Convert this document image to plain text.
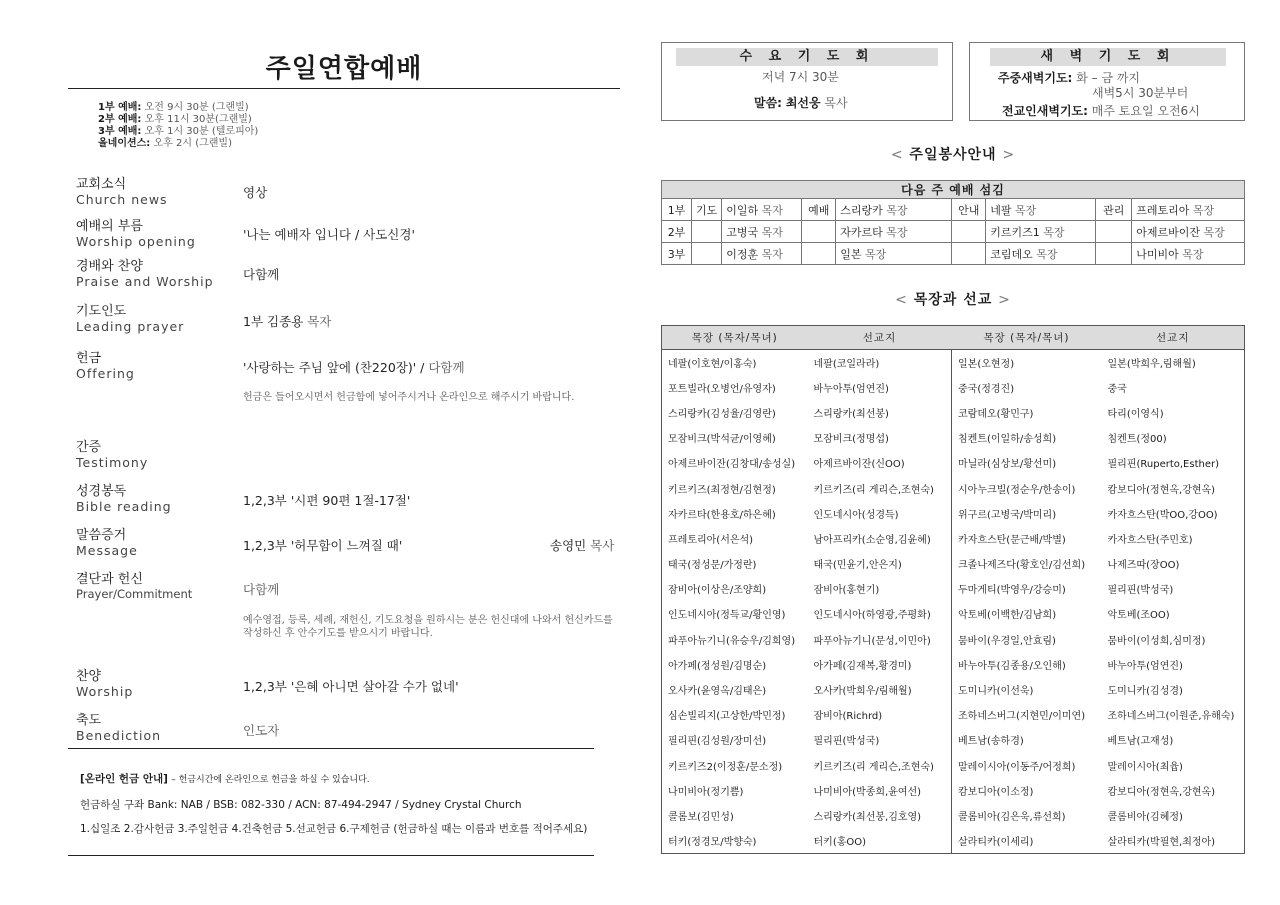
주일연합예배
1부 예배: 오전 9시 30분 (그랜빌)
2부 예배: 오후 11시 30분(그랜빌)
3부 예배: 오후 1시 30분 (텔로피아)
올네이션스: 오후 2시 (그랜빌)
교회소식
Church news	영상
예배의 부름
Worship opening	'나는 예배자 입니다 / 사도신경'
경배와 찬양
Praise and Worship 다함께
기도인도
Leading prayer	1부 김종용 목자
헌금
Offering	'사랑하는 주님 앞에 (찬220장)' / 다함께
헌금은 들어오시면서 헌금함에 넣어주시거나 온라인으로 해주시기 바랍니다.
간증
Testimony
성경봉독
Bible reading	1,2,3부 '시편 90편 1절-17절'
말씀증거
Message	1,2,3부 '허무함이 느껴질 때'	송영민 목사
결단과 헌신
Prayer/Commitment	다함께
예수영접, 등록, 세례, 재헌신, 기도요청을 원하시는 분은 헌신대에 나와서 헌신카드를 작성하신 후 안수기도를 받으시기 바랍니다.
찬양
Worship	1,2,3부 '은혜 아니면 살아갈 수가 없네'
축도
Benediction	인도자
[온라인 헌금 안내] – 헌금시간에 온라인으로 헌금을 하실 수 있습니다.
헌금하실 구좌 Bank: NAB / BSB: 082-330 / ACN: 87-494-2947 / Sydney Crystal Church
1.십일조 2.감사헌금 3.주일헌금 4.건축헌금 5.선교헌금 6.구제헌금 (헌금하실 때는 이름과 번호를 적어주세요)
수 요 기 도 회
저녁 7시 30분
말씀: 최선웅 목사
새 벽 기 도 회
주중새벽기도: 화 – 금 까지
새벽5시 30분부터
전교인새벽기도: 매주 토요일 오전6시
< 주일봉사안내 >
다음 주 예배 섬김								
1부	기도	이일하 목자	예배	스리랑카 목장	안내	네팔 목장	관리	프레토리아 목장
2부		고병국 목자		자카르타 목장		키르키즈1 목장		아제르바이잔 목장
3부		이정훈 목자		일본 목장		코림데오 목장		나미비아 목장
< 목장과 선교 >
목장 (목자/목녀)	선교지	목장 (목자/목녀)	선교지
네팔(이호현/이홍숙)	네팔(코일라라)	일본(오현정)	일본(박희우,림해월)
포트빌라(오병언/유영자)	바누아투(엄연진)	중국(정경진)	중국
스리랑카(김성율/김영란)	스리랑카(최선봉)	코람데오(황민구)	타리(이영식)
모잠비크(박석균/이영혜)	모잠비크(정명섭)	침켄트(이일하/송성희)	침켄트(정00)
아제르바이잔(김창대/송성실)	아제르바이잔(신OO)	마닐라(심상보/황선미)	필리핀(Ruperto,Esther)
키르키즈(최정현/김현정)	키르키즈(리 게리슨,조현숙)	시아누크빌(정순우/한송이)	캄보디아(정현옥,강현옥)
자카르타(한용호/하은혜)	인도네시아(성경득)	위구르(고병국/박미리)	카자흐스탄(박OO,강OO)
프레토리아(서은석)	남아프리카(소순영,김윤혜)	카자흐스탄(문근배/박별)	카자흐스탄(주민호)
태국(정성문/가정란)	태국(민윤기,안은지)	크졸나제즈다(황호인/김선희)	나제즈따(장OO)
잠비아(이상은/조양희)	잠비아(홍현기)	두마게티(박영우/강승미)	필리핀(박성국)
인도네시아(정득교/황인영)	인도네시아(하영광,주평화)	악토베(이백한/김남희)	악토베(조OO)
파푸아뉴기니(유승우/김희영)	파푸아뉴기니(문성,이민아)	뭄바이(우경일,안효림)	뭄바이(이성희,심미정)
아가페(정성원/김명순)	아가페(김재복,황경미)	바누아투(김종용/오인해)	바누아투(엄연진)
오사카(윤영옥/김태은)	오사카(박희우/림해월)	도미니카(이선욱)	도미니카(김성경)
심손빌리지(고상한/박민정)	잠비아(Richrd)	조하네스버그(지현민/이미연)	조하네스버그(이원준,유해숙)
필리핀(김성원/장미선)	필리핀(박성국)	베트남(송하경)	베트남(고재성)
키르키즈2(이정훈/문소정)	키르키즈(리 게리슨,조현숙)	말레이시아(이동주/어정희)	말레이시아(최윱)
나미비아(정기쁨)	나미비아(박종희,윤여선)	캄보디아(이소정)	캄보디아(정현옥,강현옥)
콜롬보(김민성)	스리랑카(최선봉,김호영)	콜롬비아(김은욱,류선희)	콜롬비아(김혜정)
터키(정경모/박향숙)	터키(홍OO)	살라티카(이세리)	살라티카(박필현,최정아)
